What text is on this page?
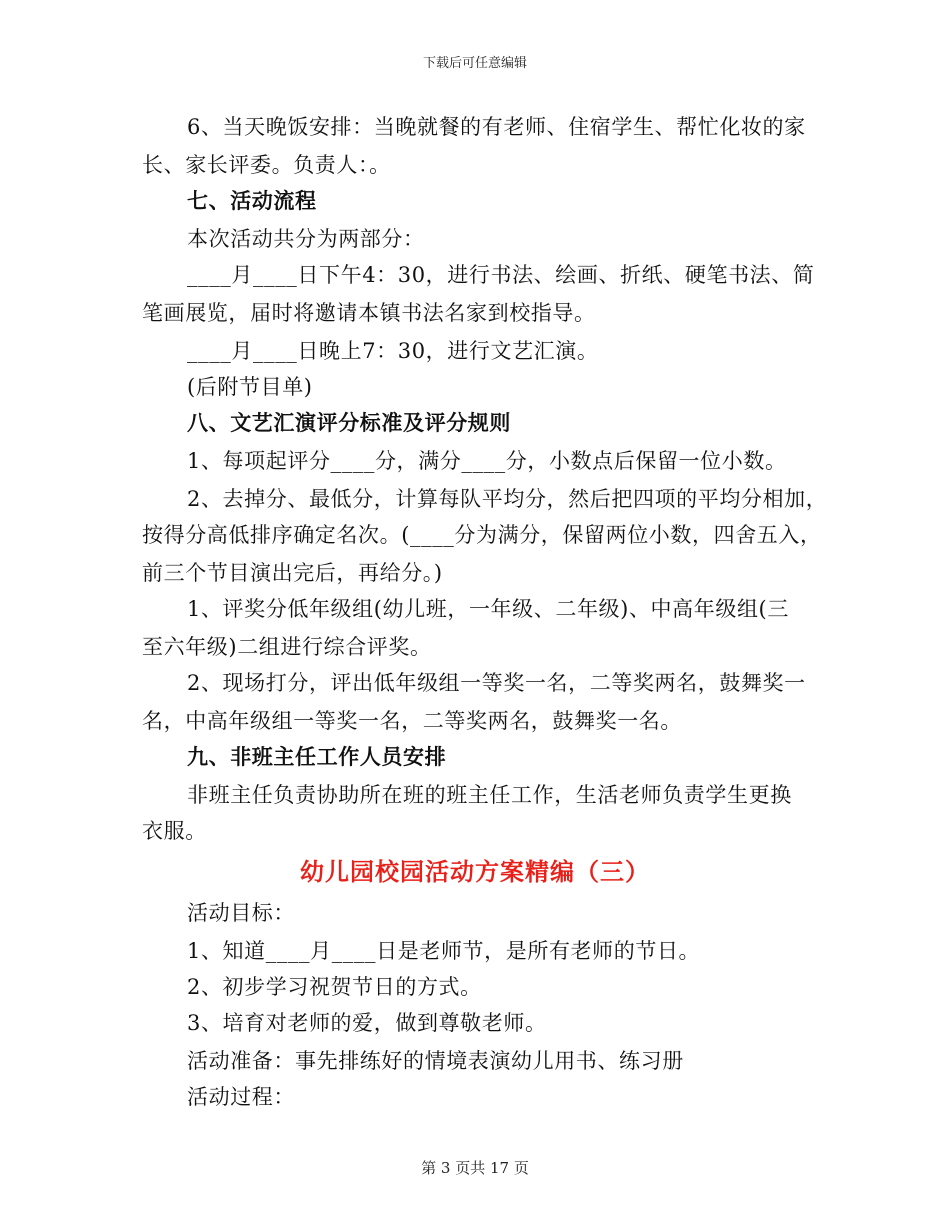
下载后可任意编辑
6、当天晚饭安排：当晚就餐的有老师、住宿学生、帮忙化妆的家
长、家长评委。负责人：。
七、活动流程
本次活动共分为两部分：
____月____日下午4：30，进行书法、绘画、折纸、硬笔书法、简
笔画展览，届时将邀请本镇书法名家到校指导。
____月____日晚上7：30，进行文艺汇演。
(后附节目单)
八、文艺汇演评分标准及评分规则
1、每项起评分____分，满分____分，小数点后保留一位小数。
2、去掉分、最低分，计算每队平均分，然后把四项的平均分相加，
按得分高低排序确定名次。(____分为满分，保留两位小数，四舍五入，
前三个节目演出完后，再给分。)
1、评奖分低年级组(幼儿班，一年级、二年级)、中高年级组(三
至六年级)二组进行综合评奖。
2、现场打分，评出低年级组一等奖一名，二等奖两名，鼓舞奖一
名，中高年级组一等奖一名，二等奖两名，鼓舞奖一名。
九、非班主任工作人员安排
非班主任负责协助所在班的班主任工作，生活老师负责学生更换
衣服。
幼儿园校园活动方案精编（三）
活动目标：
1、知道____月____日是老师节，是所有老师的节日。
2、初步学习祝贺节日的方式。
3、培育对老师的爱，做到尊敬老师。
活动准备：事先排练好的情境表演幼儿用书、练习册
活动过程：
第 3 页共 17 页
